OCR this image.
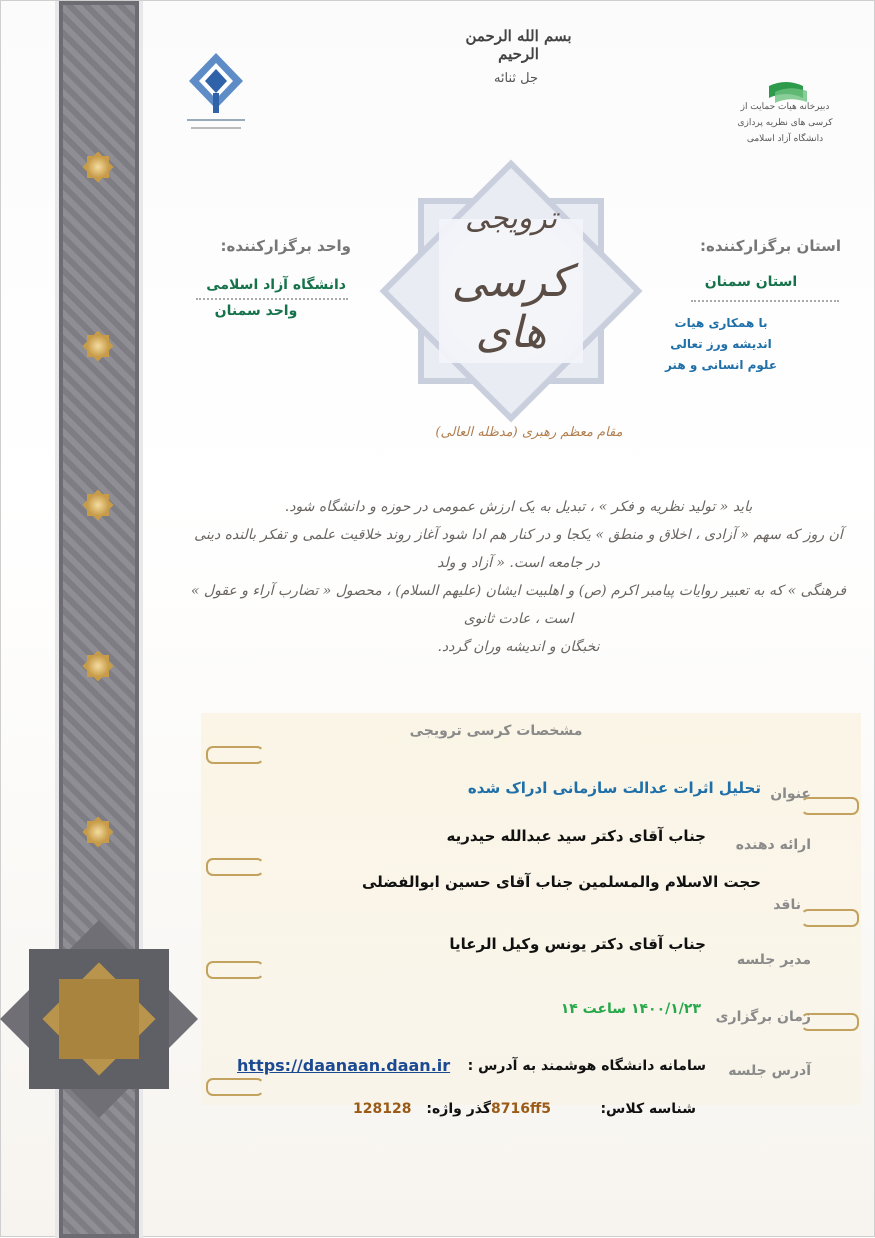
بسم الله الرحمن الرحیم
جل ثنائه
دبیرخانه هیات حمایت از کرسی های نظریه پردازی دانشگاه آزاد اسلامی
ترویجی
کرسی های
مقام معظم رهبری (مدظله العالی)
واحد برگزارکننده:
دانشگاه آزاد اسلامی
واحد سمنان
استان برگزارکننده:
استان سمنان
با همکاری هیات
اندیشه ورز تعالی
علوم انسانی و هنر
باید « تولید نظریه و فکر » ، تبدیل به یک ارزش عمومی در حوزه و دانشگاه شود.
آن روز که سهم « آزادی ، اخلاق و منطق » یکجا و در کنار هم ادا شود آغاز روند خلاقیت علمی و تفکر بالنده دینی در جامعه است. « آزاد و ولد
فرهنگی » که به تعبیر روایات پیامبر اکرم (ص) و اهلبیت ایشان (علیهم السلام) ، محصول « تضارب آراء و عقول » است ، عادت ثانوی
نخبگان و اندیشه وران گردد.
مشخصات کرسی ترویجی
عنوان
تحلیل اثرات عدالت سازمانی ادراک شده
ارائه دهنده
جناب آقای دکتر سید عبدالله حیدریه
حجت الاسلام والمسلمین جناب آقای حسین ابوالفضلی
ناقد
جناب آقای دکتر یونس وکیل الرعایا
مدیر جلسه
زمان برگزاری
۱۴۰۰/۱/۲۳ ساعت ۱۴
آدرس جلسه
سامانه دانشگاه هوشمند به آدرس :
https://daanaan.daan.ir
شناسه کلاس:
8716ff5
گذر واژه:
128128
